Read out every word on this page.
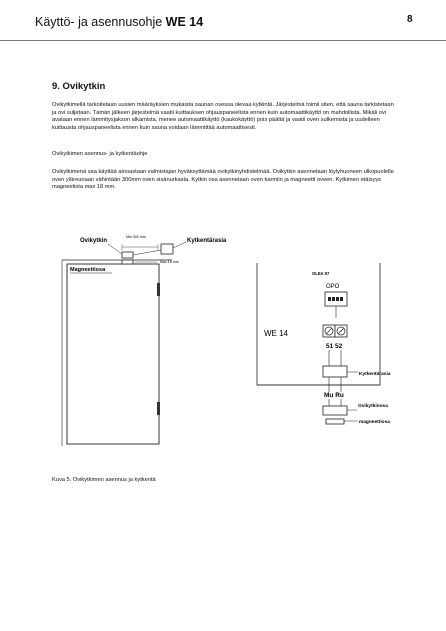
Käyttö- ja asennusohje WE 14	8
9. Ovikytkin
Ovikytkimellä tarkoitetaan uusien määräyksien mukaista saunan ovessa olevaa kytkintä. Järjestelmä toimii siten, että sauna tarkistetaan ja ovi suljetaan. Tämän jälkeen järjestelmä vaatii kuittauksen ohjauspaneelista ennen kuin automaattikäyttö on mahdollista. Mikäli ovi avataan ennen lämmitysjakson alkamista, menee automaattikäyttö (kaukokäyttö) pois päältä ja vaatii oven sulkemista ja uudelleen kuittausta ohjauspaneelista ennen kuin sauna voidaan lämmittää automaattisesti.
Ovikytkimen asennus- ja kytkentäohje
Ovikytkimenä saa käyttää ainoastaan valmistajan hyväksyttämää ovikytkinyhdistelmää. Ovikytkin asennetaan löylyhuoneen ulkopuolelle oven yläreunaan vähintään 300mm oven sisänurkasta. Kytkin osa asennetaan oven karmiin ja magneetti oveen. Kytkimen etäisyys magneetista max 18 mm.
Ovikytkin
Min 300 mm
Kytkentärasia
Max 18 mm
Magneettiosa
OLEA 97
OPO
WE 14
51 52
Kytkentärasia
Mu Ru
Ovikytkinosa
magneettiosa
Kuva 5. Ovikytkimen asennus ja kytkentä
